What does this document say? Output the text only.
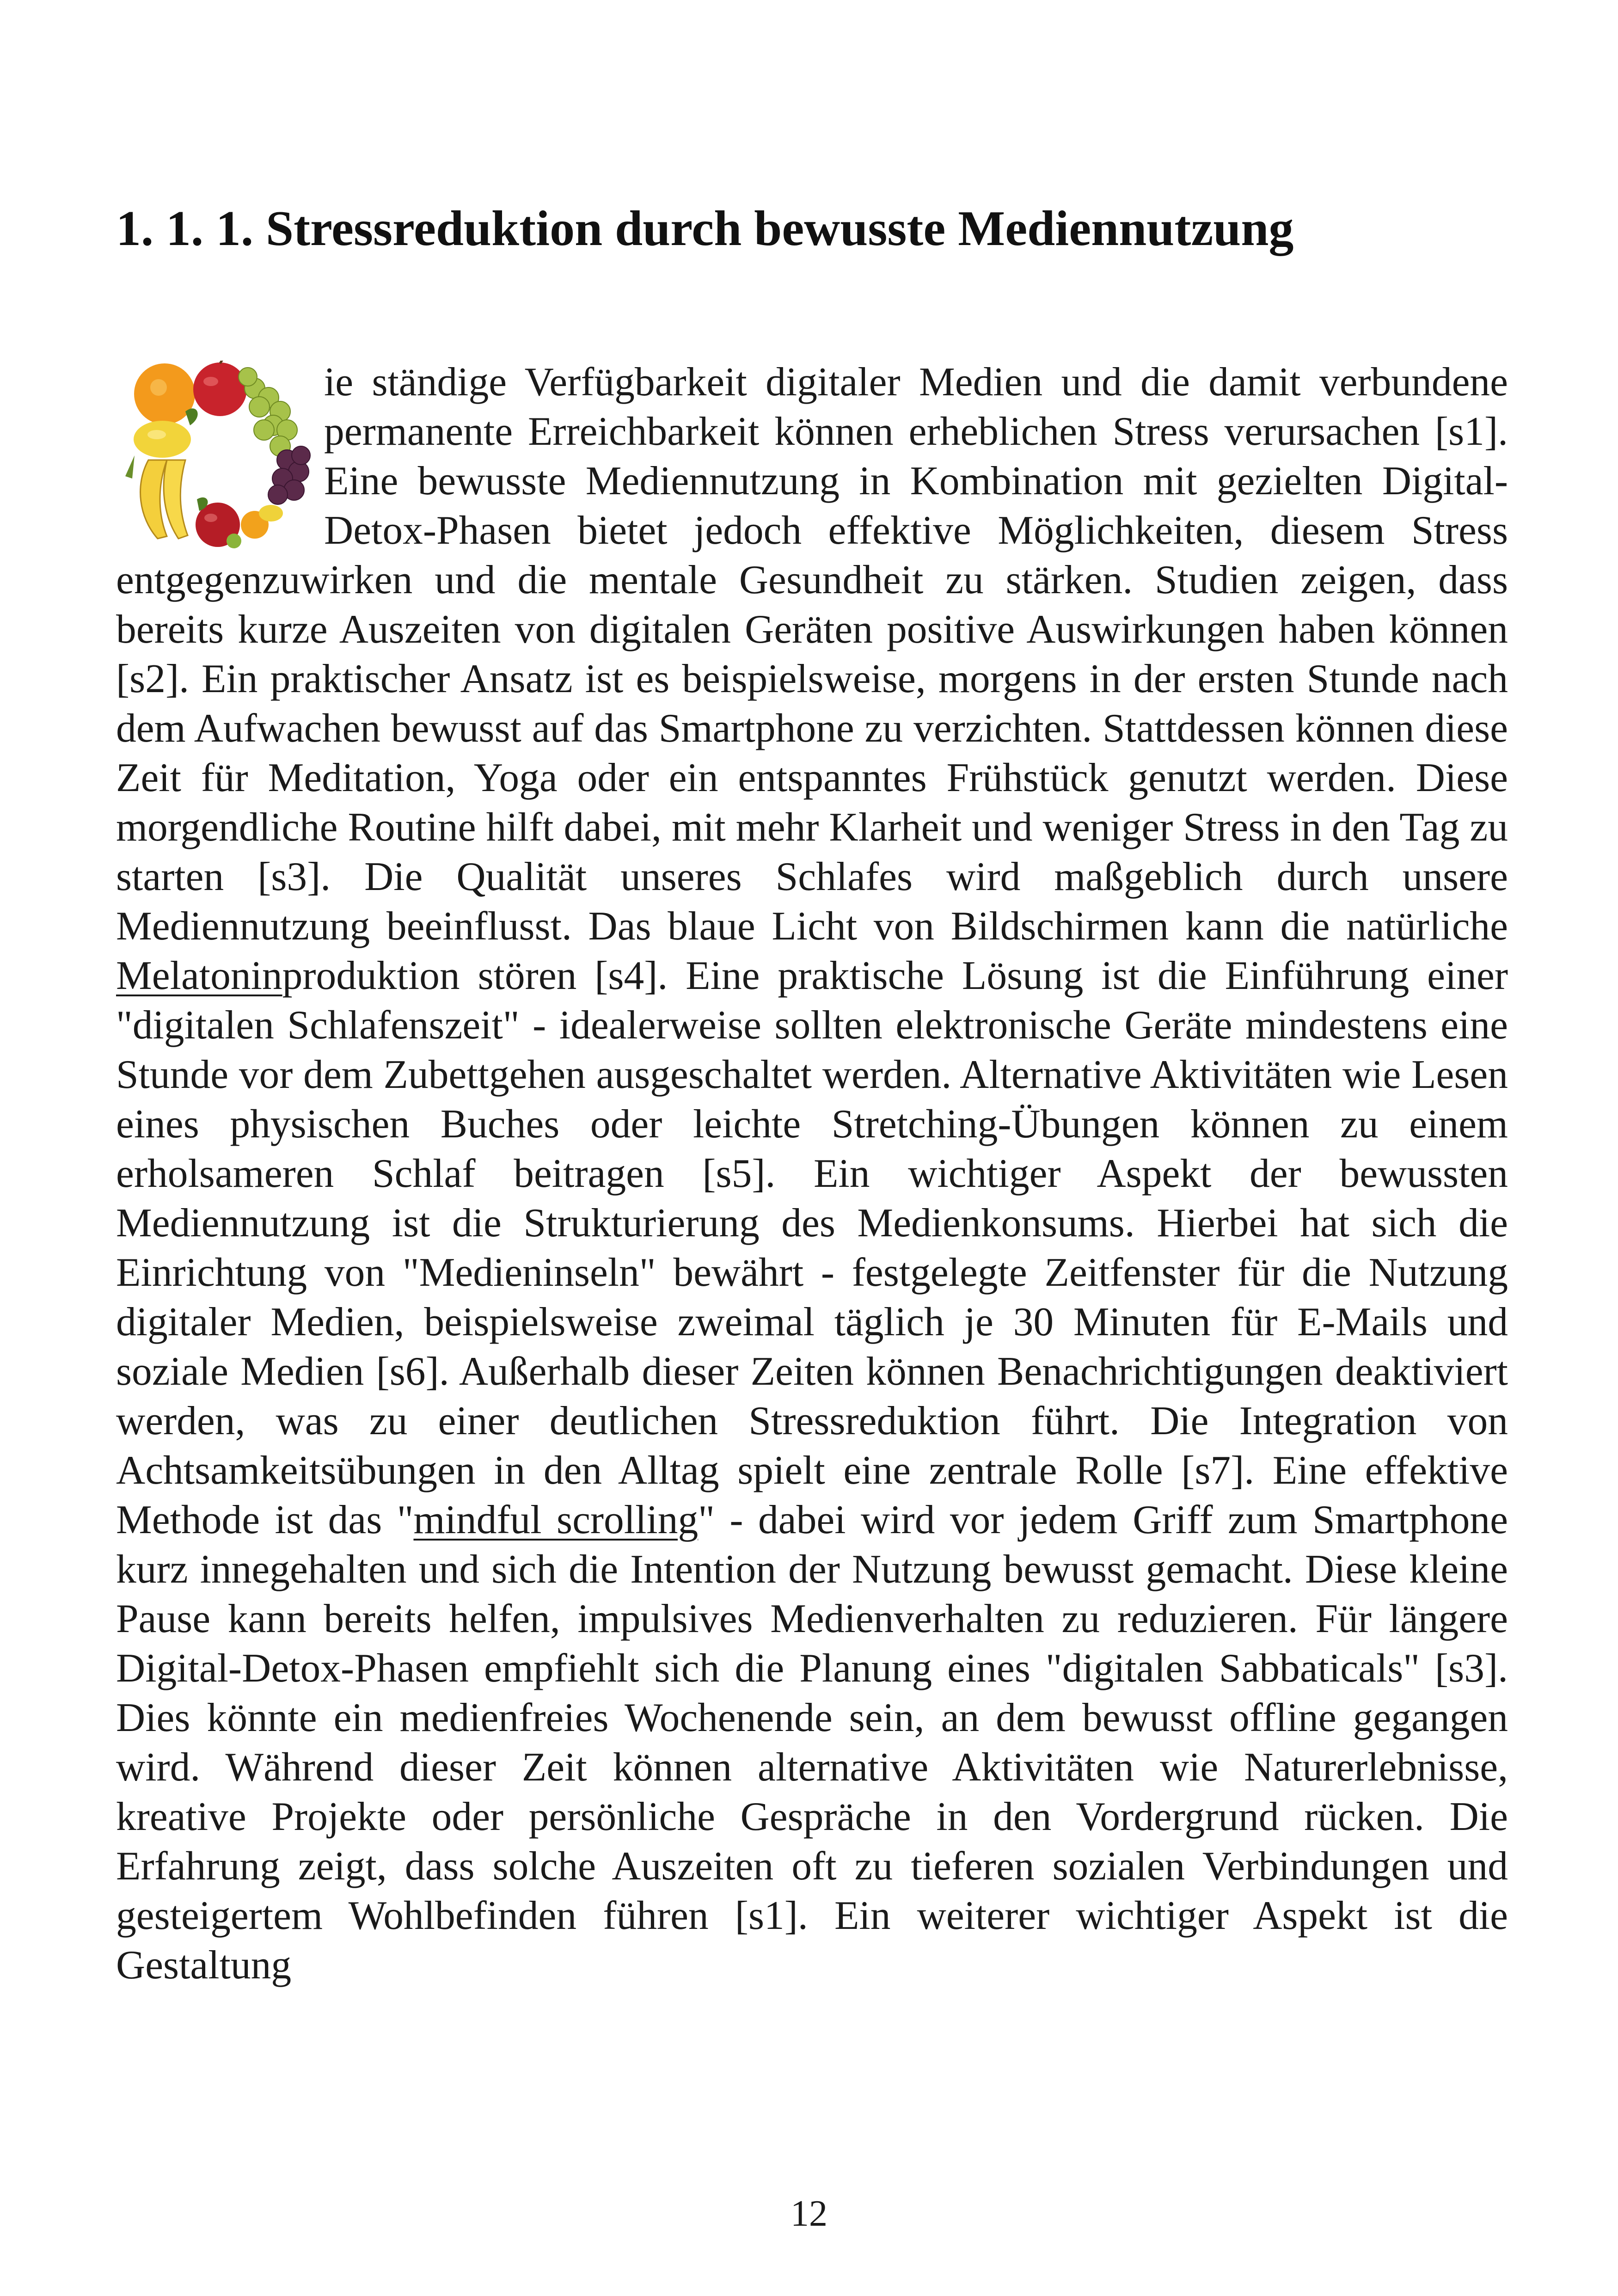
1. 1. 1. Stressreduktion durch bewusste Mediennutzung

ie ständige Verfügbarkeit digitaler Medien und die damit verbundene permanente Erreichbarkeit können erheblichen Stress verursachen [s1]. Eine bewusste Mediennutzung in Kombination mit gezielten Digital-Detox-Phasen bietet jedoch effektive Möglichkeiten, diesem Stress entgegenzuwirken und die mentale Gesundheit zu stärken. Studien zeigen, dass bereits kurze Auszeiten von digitalen Geräten positive Auswirkungen haben können [s2]. Ein praktischer Ansatz ist es beispielsweise, morgens in der ersten Stunde nach dem Aufwachen bewusst auf das Smartphone zu verzichten. Stattdessen können diese Zeit für Meditation, Yoga oder ein entspanntes Frühstück genutzt werden. Diese morgendliche Routine hilft dabei, mit mehr Klarheit und weniger Stress in den Tag zu starten [s3]. Die Qualität unseres Schlafes wird maßgeblich durch unsere Mediennutzung beeinflusst. Das blaue Licht von Bildschirmen kann die natürliche Melatoninproduktion stören [s4]. Eine praktische Lösung ist die Einführung einer "digitalen Schlafenszeit" - idealerweise sollten elektronische Geräte mindestens eine Stunde vor dem Zubettgehen ausgeschaltet werden. Alternative Aktivitäten wie Lesen eines physischen Buches oder leichte Stretching-Übungen können zu einem erholsameren Schlaf beitragen [s5]. Ein wichtiger Aspekt der bewussten Mediennutzung ist die Strukturierung des Medienkonsums. Hierbei hat sich die Einrichtung von "Medieninseln" bewährt - festgelegte Zeitfenster für die Nutzung digitaler Medien, beispielsweise zweimal täglich je 30 Minuten für E-Mails und soziale Medien [s6]. Außerhalb dieser Zeiten können Benachrichtigungen deaktiviert werden, was zu einer deutlichen Stressreduktion führt. Die Integration von Achtsamkeitsübungen in den Alltag spielt eine zentrale Rolle [s7]. Eine effektive Methode ist das "mindful scrolling" - dabei wird vor jedem Griff zum Smartphone kurz innegehalten und sich die Intention der Nutzung bewusst gemacht. Diese kleine Pause kann bereits helfen, impulsives Medienverhalten zu reduzieren. Für längere Digital-Detox-Phasen empfiehlt sich die Planung eines "digitalen Sabbaticals" [s3]. Dies könnte ein medienfreies Wochenende sein, an dem bewusst offline gegangen wird. Während dieser Zeit können alternative Aktivitäten wie Naturerlebnisse, kreative Projekte oder persönliche Gespräche in den Vordergrund rücken. Die Erfahrung zeigt, dass solche Auszeiten oft zu tieferen sozialen Verbindungen und gesteigertem Wohlbefinden führen [s1]. Ein weiterer wichtiger Aspekt ist die Gestaltung

12
